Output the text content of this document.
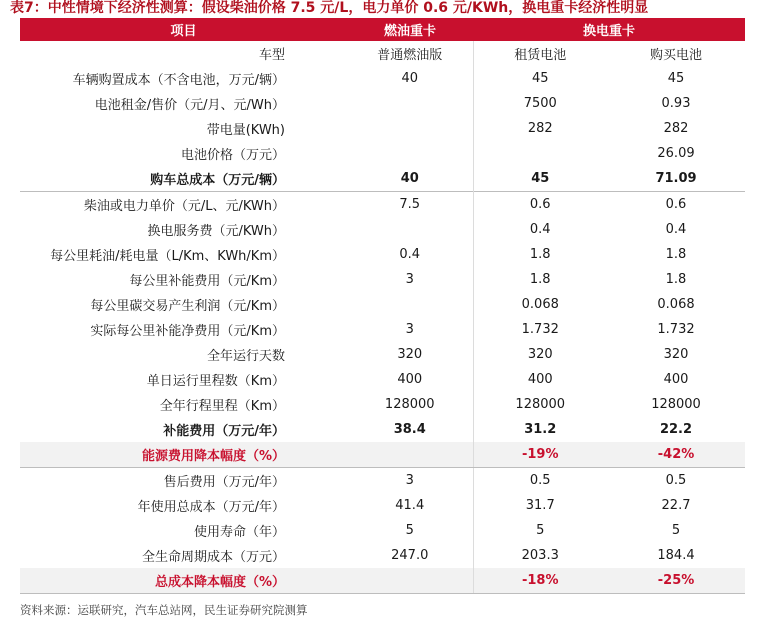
表7：中性情境下经济性测算：假设柴油价格 7.5 元/L，电力单价 0.6 元/KWh，换电重卡经济性明显
项目	燃油重卡	换电重卡	
车型	普通燃油版	租赁电池	购买电池
车辆购置成本（不含电池，万元/辆）	40	45	45
电池租金/售价（元/月、元/Wh）		7500	0.93
带电量(KWh)		282	282
电池价格（万元）			26.09
购车总成本（万元/辆）	40	45	71.09
柴油或电力单价（元/L、元/KWh）	7.5	0.6	0.6
换电服务费（元/KWh）		0.4	0.4
每公里耗油/耗电量（L/Km、KWh/Km）	0.4	1.8	1.8
每公里补能费用（元/Km）	3	1.8	1.8
每公里碳交易产生利润（元/Km）		0.068	0.068
实际每公里补能净费用（元/Km）	3	1.732	1.732
全年运行天数	320	320	320
单日运行里程数（Km）	400	400	400
全年行程里程（Km）	128000	128000	128000
补能费用（万元/年）	38.4	31.2	22.2
能源费用降本幅度（%）		-19%	-42%
售后费用（万元/年）	3	0.5	0.5
年使用总成本（万元/年）	41.4	31.7	22.7
使用寿命（年）	5	5	5
全生命周期成本（万元）	247.0	203.3	184.4
总成本降本幅度（%）		-18%	-25%
资料来源：运联研究，汽车总站网，民生证券研究院测算
